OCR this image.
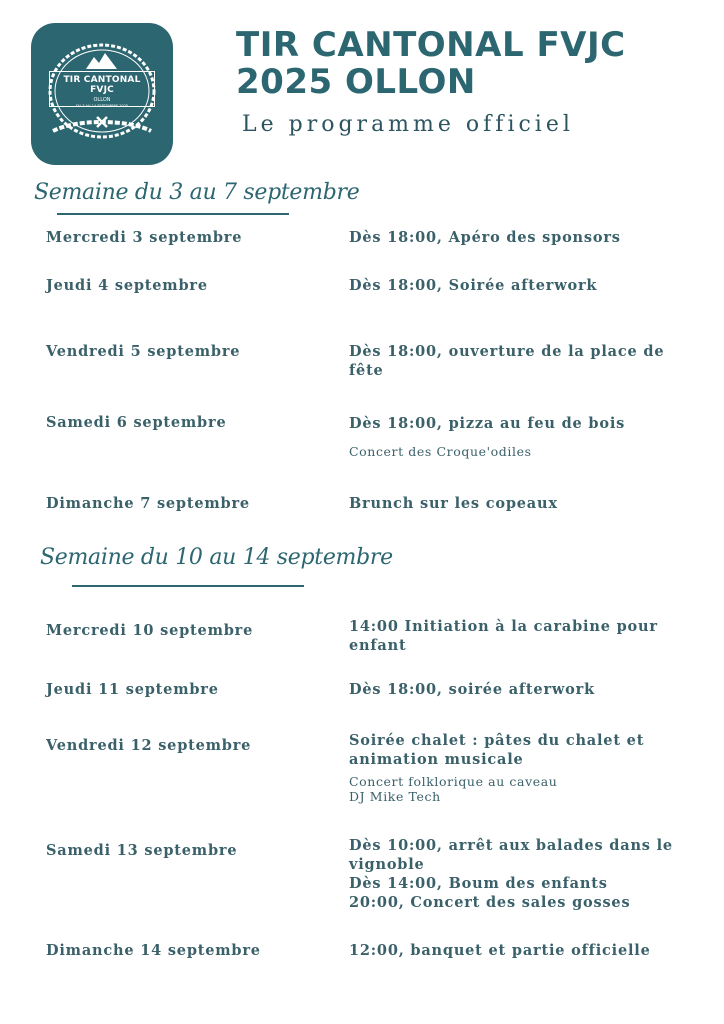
TIR CANTONAL FVJC
OLLON
DU 3 AU 14 SEPTEMBRE 2025
TIR CANTONAL FVJC
2025 OLLON
Le programme officiel
Semaine du 3 au 7 septembre
Mercredi 3 septembre	Dès 18:00, Apéro des sponsors
Jeudi 4 septembre	Dès 18:00, Soirée afterwork
Vendredi 5 septembre	Dès 18:00, ouverture de la place de fête
Samedi 6 septembre	Dès 18:00, pizza au feu de bois
Concert des Croque'odiles
Dimanche 7 septembre	Brunch sur les copeaux
Semaine du 10 au 14 septembre
Mercredi 10 septembre	14:00 Initiation à la carabine pour enfant
Jeudi 11 septembre	Dès 18:00, soirée afterwork
Vendredi 12 septembre	Soirée chalet : pâtes du chalet et animation musicale
Concert folklorique au caveau
DJ Mike Tech
Samedi 13 septembre	Dès 10:00, arrêt aux balades dans le vignoble
Dès 14:00, Boum des enfants
20:00, Concert des sales gosses
Dimanche 14 septembre	12:00, banquet et partie officielle
